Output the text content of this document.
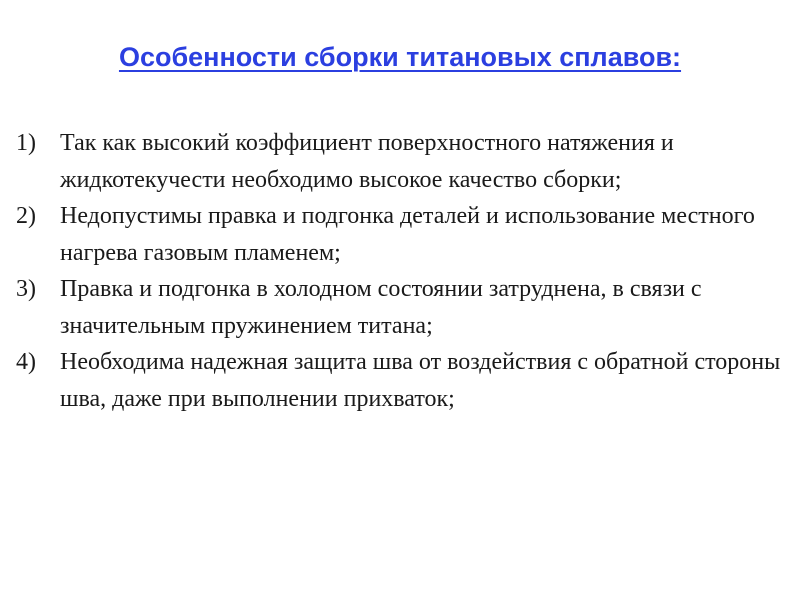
Особенности сборки титановых сплавов:
1) Так как высокий коэффициент поверхностного натяжения и жидкотекучести необходимо высокое качество сборки;
2) Недопустимы правка и подгонка деталей и использование местного нагрева газовым пламенем;
3) Правка и подгонка в холодном состоянии затруднена, в связи с значительным пружинением титана;
4) Необходима надежная защита шва от воздействия с обратной стороны шва, даже при выполнении прихваток;
